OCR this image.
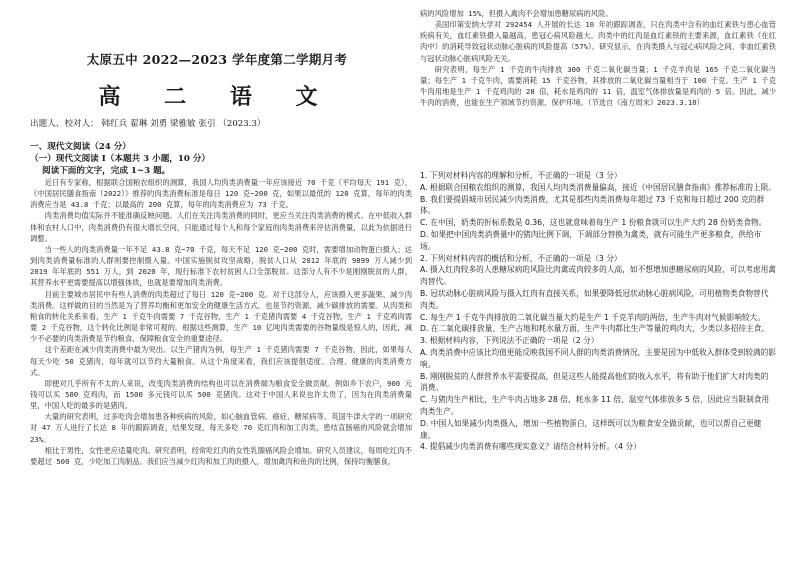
太原五中 2022—2023 学年度第二学期月考
高 二 语 文
出题人、校对人： 韩红兵 翟琳 刘勇 梁雅敏 张引 （2023.3）
一、现代文阅读（24 分）
（一）现代文阅读 I（本题共 3 小题，10 分）
阅读下面的文字，完成 1~3 题。

近日有专家称，根据联合国粮农组织的测算，我国人均肉类消费量一年应该接近 70 千克（平均每天 191 克），《中国居民膳食指南（2022）》推荐的肉类消费标准是每日 120 克~200 克，如果以最低的 120 克算，每年的肉类消费应当是 43.8 千克；以最高的 200 克算，每年的肉类消费应为 73 千克。

肉类消费均值实际并不能准确反映问题。人们在关注肉类消费的同时，更应当关注肉类消费的模式。在中低收入群体和农村人口中，肉类消费仍有很大增长空间，只能通过每个人和每个家庭的肉类消费来评估消费量，以此为依据进行调整。

当一些人的肉类消费量一年不足 43.8 克~70 千克，每天不足 120 克~200 克时，需要增加动物蛋白摄入；达到肉类消费量标准的人群则要控制摄入量。中国实施脱贫攻坚战略，脱贫人口从 2012 年底的 9899 万人减少到 2019 年年底的 551 万人，到 2020 年，现行标准下农村贫困人口全部脱贫。这部分人有不少是刚刚脱贫的人群，其营养水平更需要提高以增强体质，也就是要增加肉类消费。

目前主要城市居民中有些人消费的肉类超过了每日 120 克~200 克。对于这部分人，应该摄入更多蔬果、减少肉类消费。这样做的目的当然是为了营养均衡和更加安全的健康生活方式，也是节约资源、减少碳排放的需要。从肉类和粮食的转化关系来看，生产 1 千克牛肉需要 7 千克谷物，生产 1 千克猪肉需要 4 千克谷物，生产 1 千克鸡肉需要 2 千克谷物，这个转化比例是非常可观的。根据这些测算，生产 10 亿吨肉类需要的谷物量级是惊人的，因此，减少不必要的肉类消费是节约粮食、保障粮食安全的重要途径。

这个差距在减少肉类消费中最为突出。以生产猪肉为例，每生产 1 千克猪肉需要 7 千克谷物，因此，如果每人每天少吃 50 克猪肉，每年就可以节约大量粮食。从这个角度来看，我们应该提倡适度、合理、健康的肉类消费方式。

即便对几乎所有不太的人来说，改变肉类消费的结构也可以在消费端为粮食安全做贡献。例如乡下农户，900 元钱可以买 500 克鸡肉，而 1500 多元钱可以买 500 克猪肉。这对于中国人来说也许太贵了，因为在肉类消费量里，中国人吃的最多的是猪肉。

大量的研究表明，过多吃肉会增加患各种疾病的风险，如心脑血管病、癌症、糖尿病等。英国牛津大学的一项研究对 47 万人进行了长达 8 年的跟踪调查，结果发现，每天多吃 70 克红肉和加工肉类，患结直肠癌的风险就会增加 23%。

相比于男性，女性更应适量吃肉。研究表明，经常吃红肉的女性乳腺癌风险会增加。研究人员建议，每周吃红肉不要超过 500 克，少吃加工肉制品。我们应当减少红肉和加工肉的摄入，增加禽肉和鱼肉的比例，保持均衡膳食。

病的风险增加 15%，但摄入禽肉不会增加患糖尿病的风险。

美国印第安纳大学对 292454 人开展的长达 10 年的跟踪调查，只在肉类中含有的血红素铁与患心血管疾病有关，血红素铁摄入量越高，患冠心病风险越大。肉类中的红肉是血红素铁的主要来源，血红素铁（在红肉中）的消耗导致冠状动脉心脏病的风险提高（57%）。研究显示，在肉类摄入与冠心病风险之间，非血红素铁与冠状动脉心脏病风险无关。

研究表明，每生产 1 千克的牛肉排放 300 千克二氧化碳当量；1 千克羊肉是 165 千克二氧化碳当量；每生产 1 千克牛肉，需要消耗 15 千克谷物，其排放的二氧化碳当量相当于 100 千克。生产 1 千克牛肉用地是生产 1 千克鸡肉的 28 倍，耗水是鸡肉的 11 倍，温室气体排放量是鸡肉的 5 倍。因此，减少牛肉的消费，也能在生产领域节约资源、保护环境。（节选自《南方周末》2023.3.10）

1. 下列对材料内容的理解和分析，不正确的一项是（3 分）

A. 根据联合国粮农组织的测算，我国人均肉类消费量偏高，接近《中国居民膳食指南》推荐标准的上限。

B. 我们要提倡城市居民减少肉类消费，尤其是那些肉类消费每年超过 73 千克和每日超过 200 克的群体。

C. 在中国，奶类的折标系数是 0.36，这也就意味着每生产 1 份粮食就可以生产大约 28 份奶类食物。

D. 如果把中国肉类消费量中的猪肉比例下调，下调部分替换为禽类，就有可能生产更多粮食，供给市场。

2. 下列对材料内容的概括和分析，不正确的一项是（3 分）

A. 摄入红肉较多的人患糖尿病的风险比肉禽或肉较多的人高，如不想增加患糖尿病的风险，可以考虑用禽肉替代。

B. 冠状动脉心脏病风险与摄入红肉有直接关系，如果要降低冠状动脉心脏病风险，可用植物类食物替代肉类。

C. 每生产 1 千克牛肉排放的二氧化碳当量大约是生产 1 千克羊肉的两倍，生产牛肉对气候影响较大。

D. 在二氧化碳排放量、生产占地和耗水量方面，生产牛肉都比生产等量的鸡肉大，少类以多招待主食。

3. 根据材料内容，下列说法不正确的一项是（2 分）

A. 肉类消费中应该比均值更能反映我国不同人群的肉类消费情况，主要是因为中低收入群体受到较满的影响。

B. 刚刚脱贫的人群营养水平需要提高，但是这些人能提高他们的收入水平，将有助于他们扩大对肉类的消费。

C. 与猪肉生产相比，生产牛肉占地多 28 倍、耗水多 11 倍、温室气体排放多 5 倍，因此应当限制食用肉类生产。

D. 中国人如果减少肉类摄入，增加一些植物蛋白，这样既可以为粮食安全做贡献，也可以帮自己更健康。

4. 提倡减少肉类消费有哪些现实意义？请结合材料分析。（4 分）
